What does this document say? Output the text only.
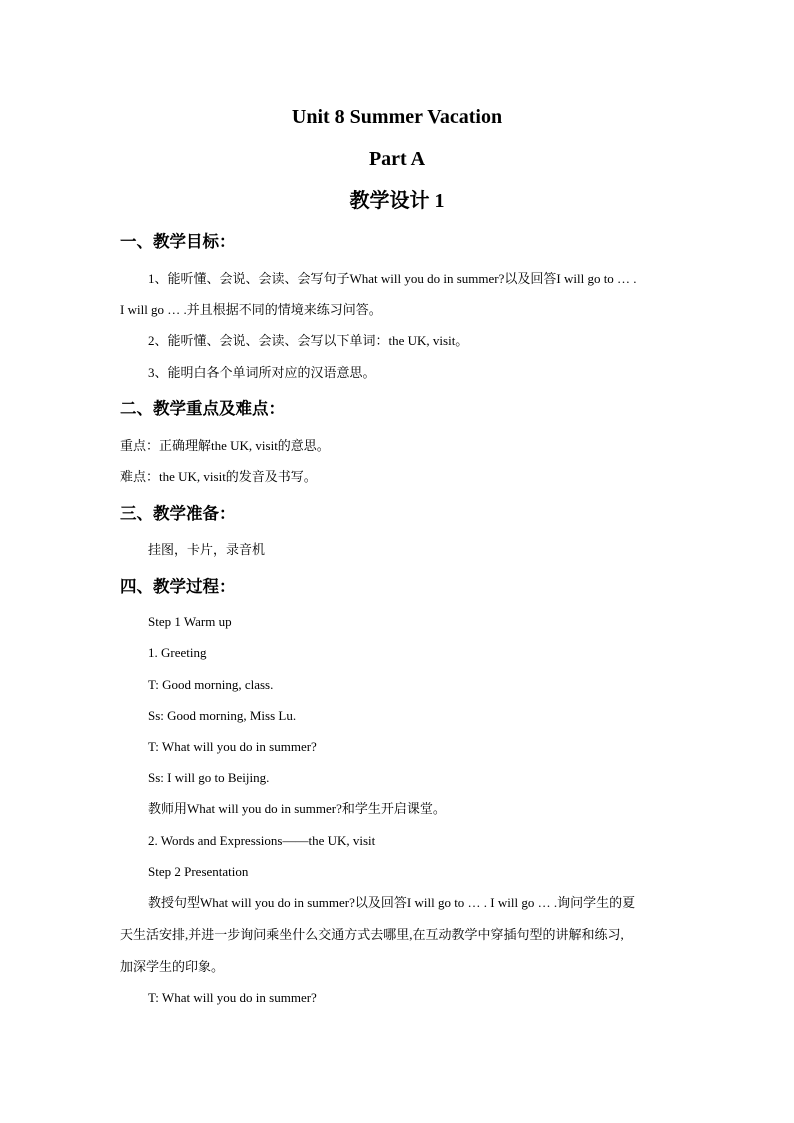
Unit 8 Summer Vacation
Part A
教学设计 1
一、教学目标：
1、能听懂、会说、会读、会写句子What will you do in summer?以及回答I will go to … .
I will go … .并且根据不同的情境来练习问答。
2、能听懂、会说、会读、会写以下单词：the UK, visit。
3、能明白各个单词所对应的汉语意思。
二、教学重点及难点：
重点：正确理解the UK, visit的意思。
难点：the UK, visit的发音及书写。
三、教学准备：
挂图，卡片，录音机
四、教学过程：
Step 1 Warm up
1. Greeting
T: Good morning, class.
Ss: Good morning, Miss Lu.
T: What will you do in summer?
Ss: I will go to Beijing.
教师用What will you do in summer?和学生开启课堂。
2. Words and Expressions——the UK, visit
Step 2 Presentation
教授句型What will you do in summer?以及回答I will go to … . I will go … .询问学生的夏
天生活安排,并进一步询问乘坐什么交通方式去哪里,在互动教学中穿插句型的讲解和练习,
加深学生的印象。
T: What will you do in summer?
